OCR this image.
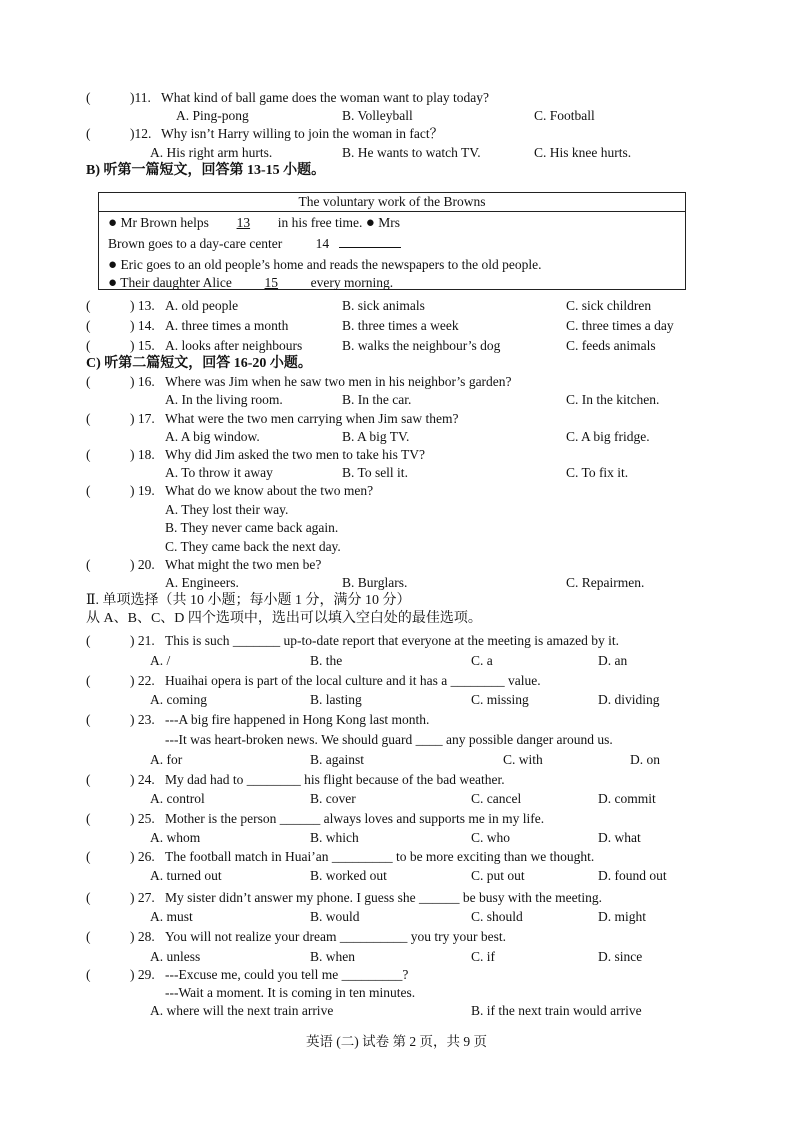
(	)11. What kind of ball game does the woman want to play today?
A. Ping-pong	B. Volleyball	C. Football
(	)12. Why isn’t Harry willing to join the woman in fact？
A. His right arm hurts.	B. He wants to watch TV.	C. His knee hurts.
B) 听第一篇短文，回答第 13-15 小题。
The voluntary work of the Browns
● Mr Brown helps 13 in his free time. ● Mrs
Brown goes to a day-care center 14
● Eric goes to an old people’s home and reads the newspapers to the old people.
● Their daughter Alice 15 every morning.
(	) 13. A. old people	B. sick animals	C. sick children
(	) 14. A. three times a month	B. three times a week	C. three times a day
(	) 15. A. looks after neighbours	B. walks the neighbour’s dog	C. feeds animals
C) 听第二篇短文，回答 16-20 小题。
(	) 16. Where was Jim when he saw two men in his neighbor’s garden?
A. In the living room.	B. In the car.	C. In the kitchen.
(	) 17. What were the two men carrying when Jim saw them?
A. A big window.	B. A big TV.	C. A big fridge.
(	) 18. Why did Jim asked the two men to take his TV?
A. To throw it away	B. To sell it.	C. To fix it.
(	) 19. What do we know about the two men?
A. They lost their way.
B. They never came back again.
C. They came back the next day.
(	) 20. What might the two men be?
A. Engineers.	B. Burglars.	C. Repairmen.
Ⅱ. 单项选择（共 10 小题；每小题 1 分，满分 10 分）
从 A、B、C、D 四个选项中，选出可以填入空白处的最佳选项。
(	) 21. This is such _______ up-to-date report that everyone at the meeting is amazed by it.
A. /	B. the	C. a	D. an
(	) 22. Huaihai opera is part of the local culture and it has a ________ value.
A. coming	B. lasting	C. missing	D. dividing
(	) 23. ---A big fire happened in Hong Kong last month.
---It was heart-broken news. We should guard ____ any possible danger around us.
A. for	B. against	C. with	D. on
(	) 24. My dad had to ________ his flight because of the bad weather.
A. control	B. cover	C. cancel	D. commit
(	) 25. Mother is the person ______ always loves and supports me in my life.
A. whom	B. which	C. who	D. what
(	) 26. The football match in Huai’an _________ to be more exciting than we thought.
A. turned out	B. worked out	C. put out	D. found out
(	) 27. My sister didn’t answer my phone. I guess she ______ be busy with the meeting.
A. must	B. would	C. should	D. might
(	) 28. You will not realize your dream __________ you try your best.
A. unless	B. when	C. if	D. since
(	) 29. ---Excuse me, could you tell me _________?
---Wait a moment. It is coming in ten minutes.
A. where will the next train arrive	B. if the next train would arrive
英语 (二) 试卷 第 2 页，共 9 页
